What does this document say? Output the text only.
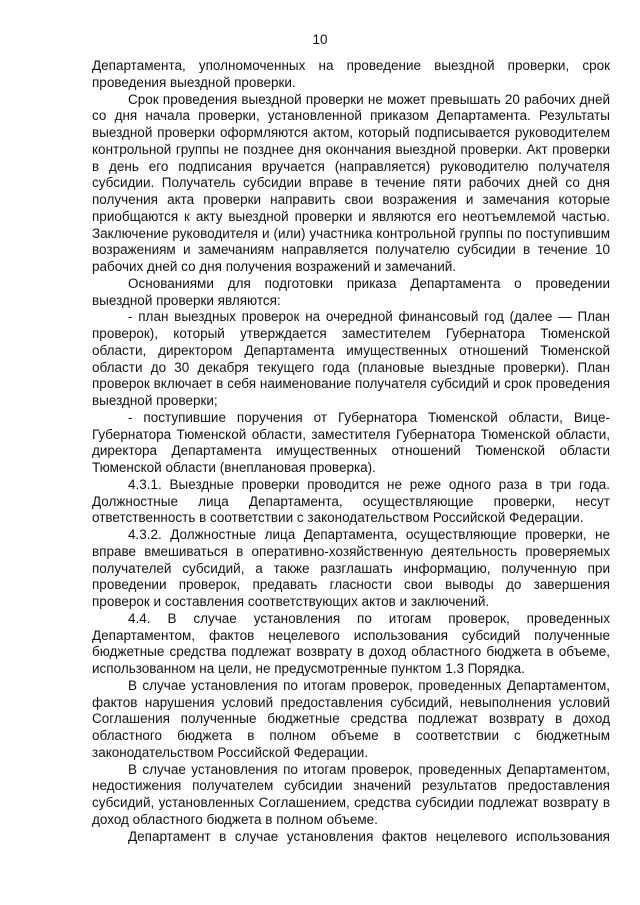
10

Департамента, уполномоченных на проведение выездной проверки, срок проведения выездной проверки.

Срок проведения выездной проверки не может превышать 20 рабочих дней со дня начала проверки, установленной приказом Департамента. Результаты выездной проверки оформляются актом, который подписывается руководителем контрольной группы не позднее дня окончания выездной проверки. Акт проверки в день его подписания вручается (направляется) руководителю получателя субсидии. Получатель субсидии вправе в течение пяти рабочих дней со дня получения акта проверки направить свои возражения и замечания которые приобщаются к акту выездной проверки и являются его неотъемлемой частью. Заключение руководителя и (или) участника контрольной группы по поступившим возражениям и замечаниям направляется получателю субсидии в течение 10 рабочих дней со дня получения возражений и замечаний.

Основаниями для подготовки приказа Департамента о проведении выездной проверки являются:

- план выездных проверок на очередной финансовый год (далее — План проверок), который утверждается заместителем Губернатора Тюменской области, директором Департамента имущественных отношений Тюменской области до 30 декабря текущего года (плановые выездные проверки). План проверок включает в себя наименование получателя субсидий и срок проведения выездной проверки;

- поступившие поручения от Губернатора Тюменской области, Вице-Губернатора Тюменской области, заместителя Губернатора Тюменской области, директора Департамента имущественных отношений Тюменской области Тюменской области (внеплановая проверка).

4.3.1. Выездные проверки проводится не реже одного раза в три года. Должностные лица Департамента, осуществляющие проверки, несут ответственность в соответствии с законодательством Российской Федерации.

4.3.2. Должностные лица Департамента, осуществляющие проверки, не вправе вмешиваться в оперативно-хозяйственную деятельность проверяемых получателей субсидий, а также разглашать информацию, полученную при проведении проверок, предавать гласности свои выводы до завершения проверок и составления соответствующих актов и заключений.

4.4. В случае установления по итогам проверок, проведенных Департаментом, фактов нецелевого использования субсидий полученные бюджетные средства подлежат возврату в доход областного бюджета в объеме, использованном на цели, не предусмотренные пунктом 1.3 Порядка.

В случае установления по итогам проверок, проведенных Департаментом, фактов нарушения условий предоставления субсидий, невыполнения условий Соглашения полученные бюджетные средства подлежат возврату в доход областного бюджета в полном объеме в соответствии с бюджетным законодательством Российской Федерации.

В случае установления по итогам проверок, проведенных Департаментом, недостижения получателем субсидии значений результатов предоставления субсидий, установленных Соглашением, средства субсидии подлежат возврату в доход областного бюджета в полном объеме.

Департамент в случае установления фактов нецелевого использования
